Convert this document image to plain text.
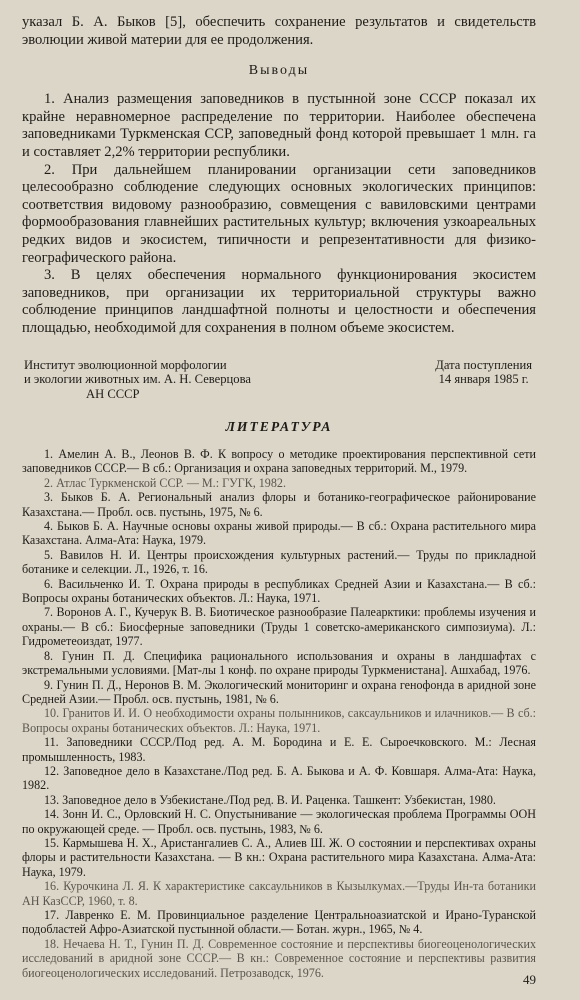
указал Б. А. Быков [5], обеспечить сохранение результатов и свидетельств эволюции живой материи для ее продолжения.

Выводы

1. Анализ размещения заповедников в пустынной зоне СССР показал их крайне неравномерное распределение по территории. Наиболее обеспечена заповедниками Туркменская ССР, заповедный фонд которой превышает 1 млн. га и составляет 2,2% территории республики.

2. При дальнейшем планировании организации сети заповедников целесообразно соблюдение следующих основных экологических принципов: соответствия видовому разнообразию, совмещения с вавиловскими центрами формообразования главнейших растительных культур; включения узкоареальных редких видов и экосистем, типичности и репрезентативности для физико-географического района.

3. В целях обеспечения нормального функционирования экосистем заповедников, при организации их территориальной структуры важно соблюдение принципов ландшафтной полноты и целостности и обеспечения площадью, необходимой для сохранения в полном объеме экосистем.

Институт эволюционной морфологии
и экологии животных им. А. Н. Северцова
АН СССР
Дата поступления
14 января 1985 г.
ЛИТЕРАТУРА

1. Амелин А. В., Леонов В. Ф. К вопросу о методике проектирования перспективной сети заповедников СССР.— В сб.: Организация и охрана заповедных территорий. М., 1979.

2. Атлас Туркменской ССР. — М.: ГУГК, 1982.

3. Быков Б. А. Региональный анализ флоры и ботанико-географическое районирование Казахстана.— Пробл. осв. пустынь, 1975, № 6.

4. Быков Б. А. Научные основы охраны живой природы.— В сб.: Охрана растительного мира Казахстана. Алма-Ата: Наука, 1979.

5. Вавилов Н. И. Центры происхождения культурных растений.— Труды по прикладной ботанике и селекции. Л., 1926, т. 16.

6. Васильченко И. Т. Охрана природы в республиках Средней Азии и Казахстана.— В сб.: Вопросы охраны ботанических объектов. Л.: Наука, 1971.

7. Воронов А. Г., Кучерук В. В. Биотическое разнообразие Палеарктики: проблемы изучения и охраны.— В сб.: Биосферные заповедники (Труды 1 советско-американского симпозиума). Л.: Гидрометеоиздат, 1977.

8. Гунин П. Д. Специфика рационального использования и охраны в ландшафтах с экстремальными условиями. [Мат-лы 1 конф. по охране природы Туркменистана]. Ашхабад, 1976.

9. Гунин П. Д., Неронов В. М. Экологический мониторинг и охрана генофонда в аридной зоне Средней Азии.— Пробл. осв. пустынь, 1981, № 6.

10. Гранитов И. И. О необходимости охраны полынников, саксаульников и илачников.— В сб.: Вопросы охраны ботанических объектов. Л.: Наука, 1971.

11. Заповедники СССР./Под ред. А. М. Бородина и Е. Е. Сыроечковского. М.: Лесная промышленность, 1983.

12. Заповедное дело в Казахстане./Под ред. Б. А. Быкова и А. Ф. Ковшаря. Алма-Ата: Наука, 1982.

13. Заповедное дело в Узбекистане./Под ред. В. И. Раценка. Ташкент: Узбекистан, 1980.

14. Зонн И. С., Орловский Н. С. Опустынивание — экологическая проблема Программы ООН по окружающей среде. — Пробл. осв. пустынь, 1983, № 6.

15. Кармышева Н. Х., Аристангалиев С. А., Алиев Ш. Ж. О состоянии и перспективах охраны флоры и растительности Казахстана. — В кн.: Охрана растительного мира Казахстана. Алма-Ата: Наука, 1979.

16. Курочкина Л. Я. К характеристике саксаульников в Кызылкумах.—Труды Ин-та ботаники АН КазССР, 1960, т. 8.

17. Лавренко Е. М. Провинциальное разделение Центральноазиатской и Ирано-Туранской подобластей Афро-Азиатской пустынной области.— Ботан. журн., 1965, № 4.

18. Нечаева Н. Т., Гунин П. Д. Современное состояние и перспективы биогеоценологических исследований в аридной зоне СССР.— В кн.: Современное состояние и перспективы развития биогеоценологических исследований. Петрозаводск, 1976.	49
